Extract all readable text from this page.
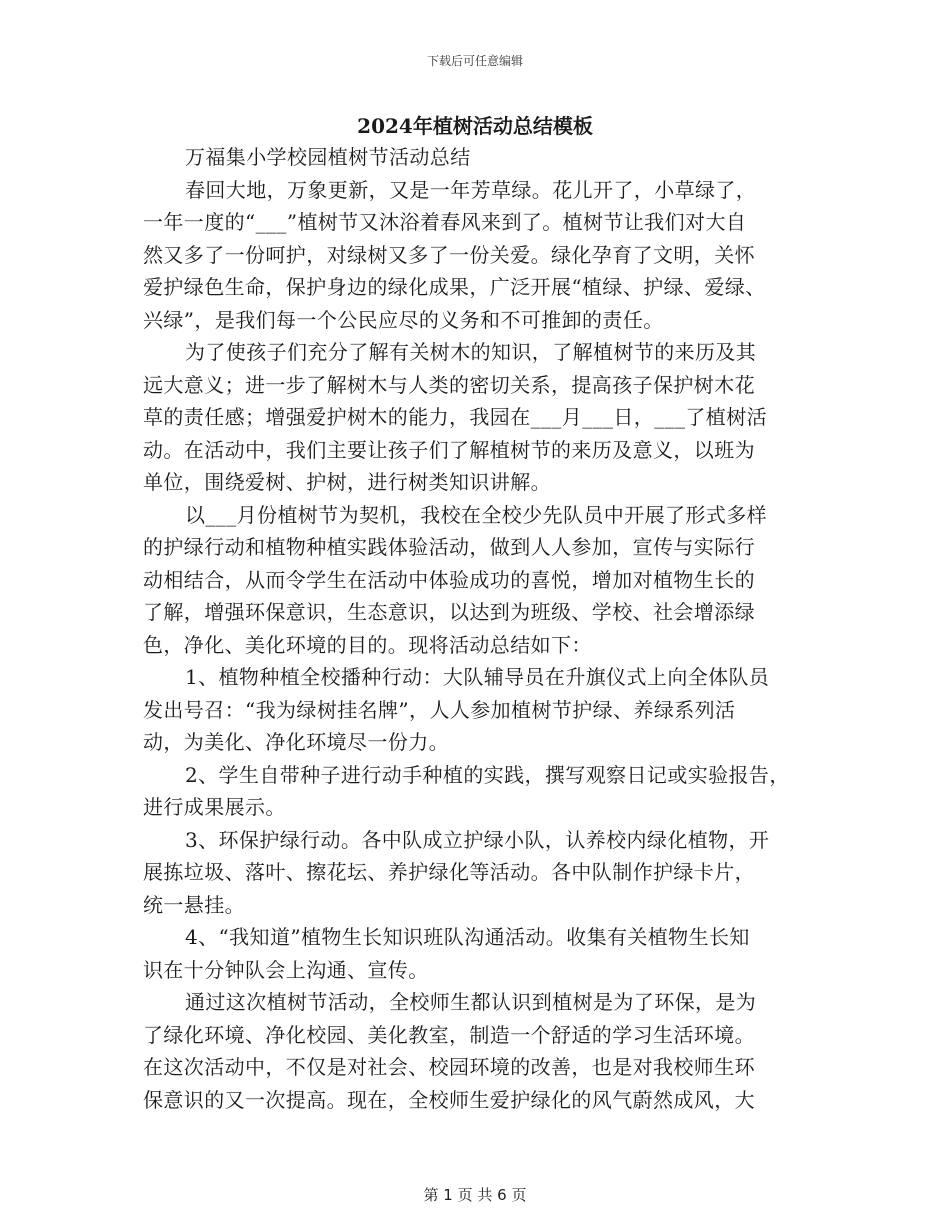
下载后可任意编辑
2024年植树活动总结模板
万福集小学校园植树节活动总结
春回大地，万象更新，又是一年芳草绿。花儿开了，小草绿了，
一年一度的“___”植树节又沐浴着春风来到了。植树节让我们对大自
然又多了一份呵护，对绿树又多了一份关爱。绿化孕育了文明，关怀
爱护绿色生命，保护身边的绿化成果，广泛开展“植绿、护绿、爱绿、
兴绿”，是我们每一个公民应尽的义务和不可推卸的责任。
为了使孩子们充分了解有关树木的知识，了解植树节的来历及其
远大意义；进一步了解树木与人类的密切关系，提高孩子保护树木花
草的责任感；增强爱护树木的能力，我园在___月___日，___了植树活
动。在活动中，我们主要让孩子们了解植树节的来历及意义，以班为
单位，围绕爱树、护树，进行树类知识讲解。
以___月份植树节为契机，我校在全校少先队员中开展了形式多样
的护绿行动和植物种植实践体验活动，做到人人参加，宣传与实际行
动相结合，从而令学生在活动中体验成功的喜悦，增加对植物生长的
了解，增强环保意识，生态意识，以达到为班级、学校、社会增添绿
色，净化、美化环境的目的。现将活动总结如下：
1、植物种植全校播种行动：大队辅导员在升旗仪式上向全体队员
发出号召：“我为绿树挂名牌”，人人参加植树节护绿、养绿系列活
动，为美化、净化环境尽一份力。
2、学生自带种子进行动手种植的实践，撰写观察日记或实验报告，
进行成果展示。
3、环保护绿行动。各中队成立护绿小队，认养校内绿化植物，开
展拣垃圾、落叶、擦花坛、养护绿化等活动。各中队制作护绿卡片，
统一悬挂。
4、“我知道”植物生长知识班队沟通活动。收集有关植物生长知
识在十分钟队会上沟通、宣传。
通过这次植树节活动，全校师生都认识到植树是为了环保，是为
了绿化环境、净化校园、美化教室，制造一个舒适的学习生活环境。
在这次活动中，不仅是对社会、校园环境的改善，也是对我校师生环
保意识的又一次提高。现在，全校师生爱护绿化的风气蔚然成风，大
第 1 页 共 6 页
